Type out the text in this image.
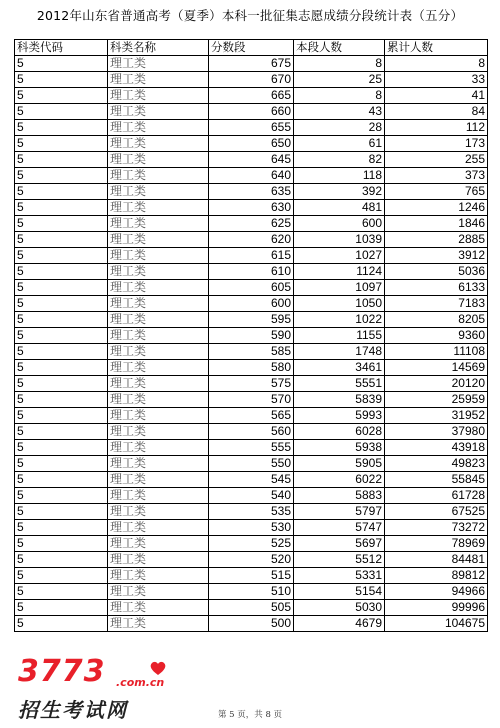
2012年山东省普通高考（夏季）本科一批征集志愿成绩分段统计表（五分）
科类代码	科类名称	分数段	本段人数	累计人数
5	理工类	675	8	8
5	理工类	670	25	33
5	理工类	665	8	41
5	理工类	660	43	84
5	理工类	655	28	112
5	理工类	650	61	173
5	理工类	645	82	255
5	理工类	640	118	373
5	理工类	635	392	765
5	理工类	630	481	1246
5	理工类	625	600	1846
5	理工类	620	1039	2885
5	理工类	615	1027	3912
5	理工类	610	1124	5036
5	理工类	605	1097	6133
5	理工类	600	1050	7183
5	理工类	595	1022	8205
5	理工类	590	1155	9360
5	理工类	585	1748	11108
5	理工类	580	3461	14569
5	理工类	575	5551	20120
5	理工类	570	5839	25959
5	理工类	565	5993	31952
5	理工类	560	6028	37980
5	理工类	555	5938	43918
5	理工类	550	5905	49823
5	理工类	545	6022	55845
5	理工类	540	5883	61728
5	理工类	535	5797	67525
5	理工类	530	5747	73272
5	理工类	525	5697	78969
5	理工类	520	5512	84481
5	理工类	515	5331	89812
5	理工类	510	5154	94966
5	理工类	505	5030	99996
5	理工类	500	4679	104675
第 5 页，共 8 页
3773 .com.cn
招生考试网
